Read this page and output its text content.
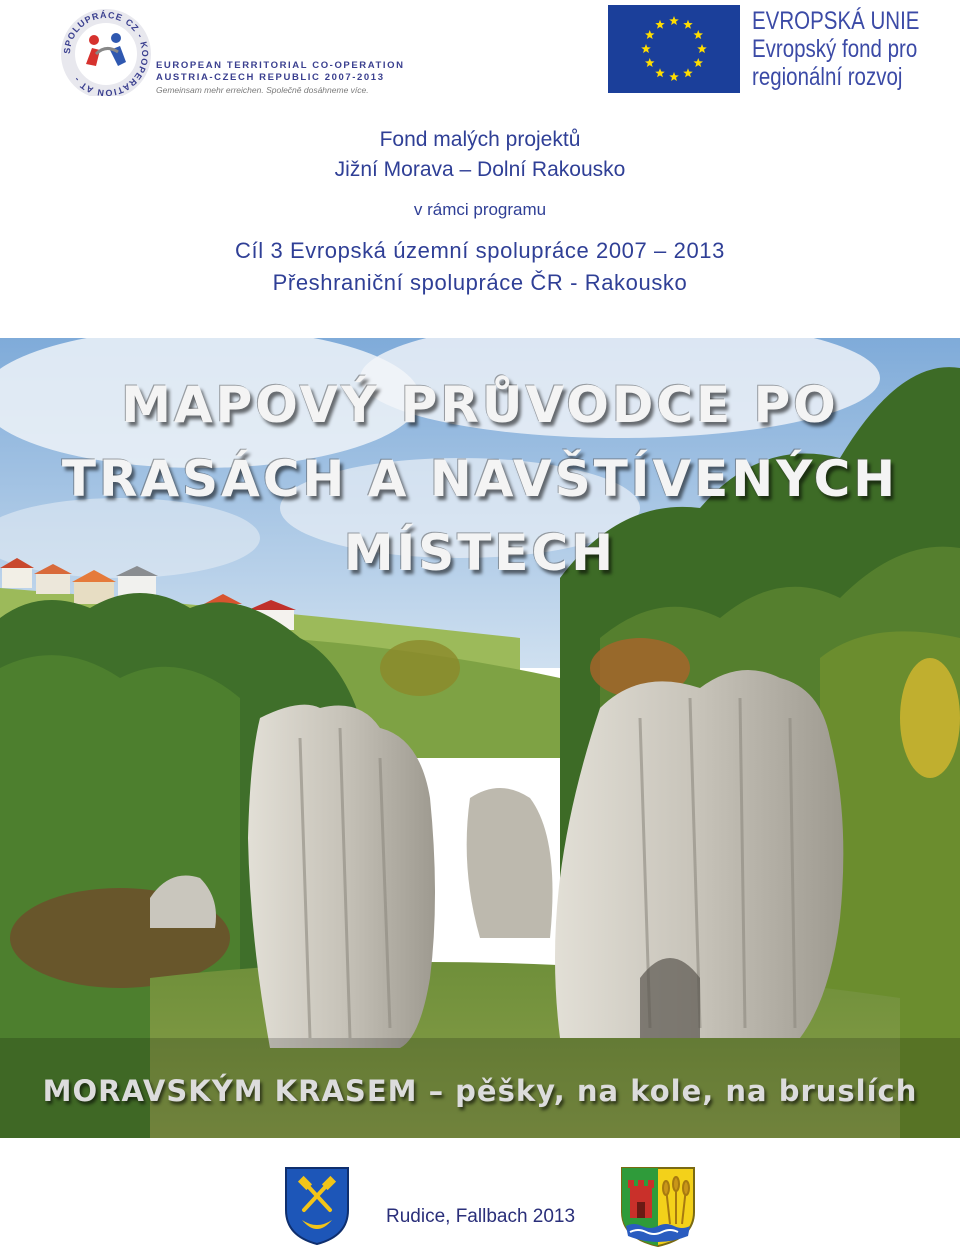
SPOLUPRÁCE CZ - KOOPERATION AT -
EUROPEAN TERRITORIAL CO-OPERATION
AUSTRIA-CZECH REPUBLIC 2007-2013
Gemeinsam mehr erreichen. Společně dosáhneme více.
EVROPSKÁ UNIE
Evropský fond pro
regionální rozvoj
Fond malých projektů
Jižní Morava – Dolní Rakousko
v rámci programu
Cíl 3 Evropská územní spolupráce 2007 – 2013
Přeshraniční spolupráce ČR - Rakousko
MAPOVÝ PRŮVODCE PO
TRASÁCH A NAVŠTÍVENÝCH
MÍSTECH
MORAVSKÝM KRASEM – pěšky, na kole, na bruslích
Rudice, Fallbach 2013
